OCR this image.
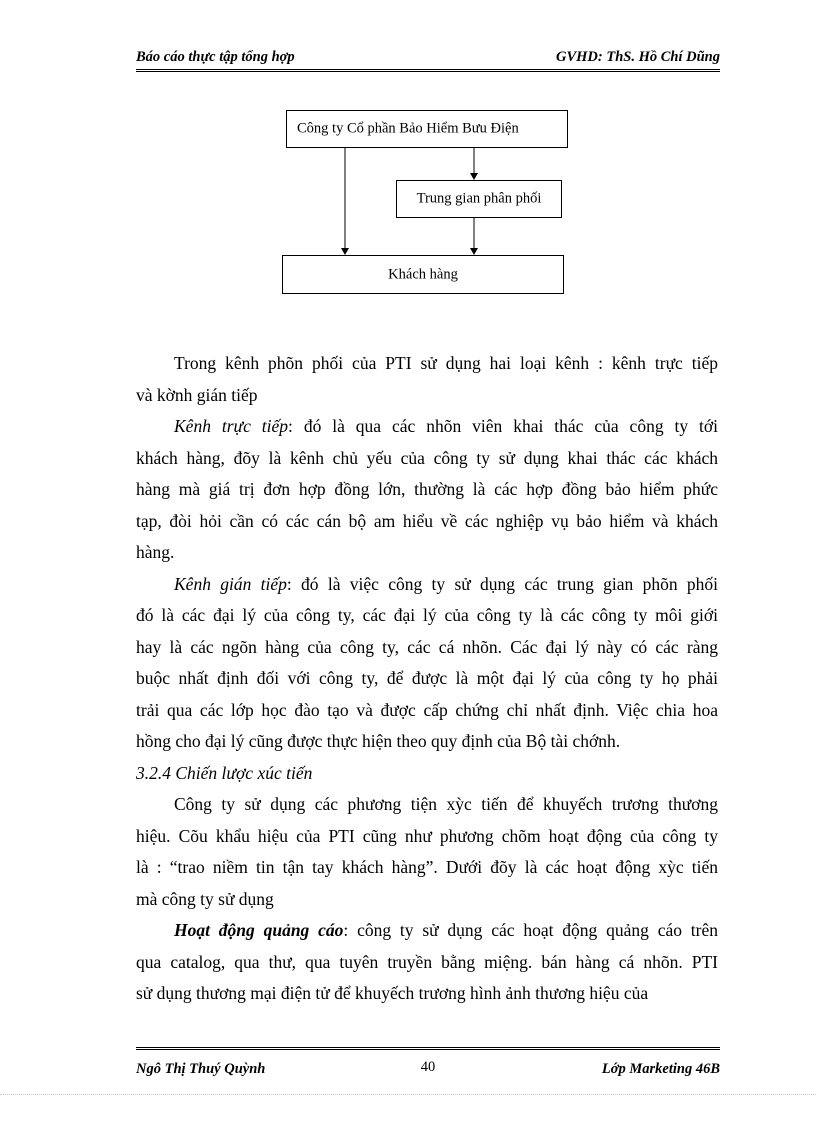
Báo cáo thực tập tổng hợp	GVHD: ThS. Hồ Chí Dũng
Công ty Cổ phần Bảo Hiểm Bưu Điện
Trung gian phân phối
Khách hàng
Trong kênh phõn phối của PTI sử dụng hai loại kênh : kênh trực tiếp
và kờnh gián tiếp
Kênh trực tiếp: đó là qua các nhõn viên khai thác của công ty tới
khách hàng, đõy là kênh chủ yếu của công ty sử dụng khai thác các khách
hàng mà giá trị đơn hợp đồng lớn, thường là các hợp đồng bảo hiểm phức
tạp, đòi hỏi cần có các cán bộ am hiểu về các nghiệp vụ bảo hiểm và khách
hàng.
Kênh gián tiếp: đó là việc công ty sử dụng các trung gian phõn phối
đó là các đại lý của công ty, các đại lý của công ty là các công ty môi giới
hay là các ngõn hàng của công ty, các cá nhõn. Các đại lý này có các ràng
buộc nhất định đối với công ty, để được là một đại lý của công ty họ phải
trải qua các lớp học đào tạo và được cấp chứng chỉ nhất định. Việc chia hoa
hồng cho đại lý cũng được thực hiện theo quy định của Bộ tài chớnh.
3.2.4 Chiến lược xúc tiến
Công ty sử dụng các phương tiện xỳc tiến để khuyếch trương thương
hiệu. Cõu khẩu hiệu của PTI cũng như phương chõm hoạt động của công ty
là : “trao niềm tin tận tay khách hàng”. Dưới đõy là các hoạt động xỳc tiến
mà công ty sử dụng
Hoạt động quảng cáo: công ty sử dụng các hoạt động quảng cáo trên
qua catalog, qua thư, qua tuyên truyền bằng miệng. bán hàng cá nhõn. PTI
sử dụng thương mại điện tử để khuyếch trương hình ảnh thương hiệu của
Ngô Thị Thuý Quỳnh	40	Lớp Marketing 46B
